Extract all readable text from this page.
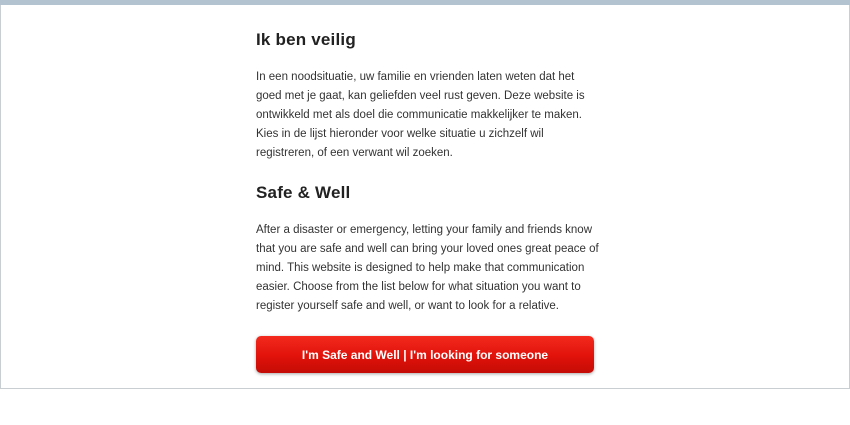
Ik ben veilig

In een noodsituatie, uw familie en vrienden laten weten dat het goed met je gaat, kan geliefden veel rust geven. Deze website is ontwikkeld met als doel die communicatie makkelijker te maken. Kies in de lijst hieronder voor welke situatie u zichzelf wil registreren, of een verwant wil zoeken.

Safe & Well

After a disaster or emergency, letting your family and friends know that you are safe and well can bring your loved ones great peace of mind. This website is designed to help make that communication easier. Choose from the list below for what situation you want to register yourself safe and well, or want to look for a relative.

I'm Safe and Well | I'm looking for someone
